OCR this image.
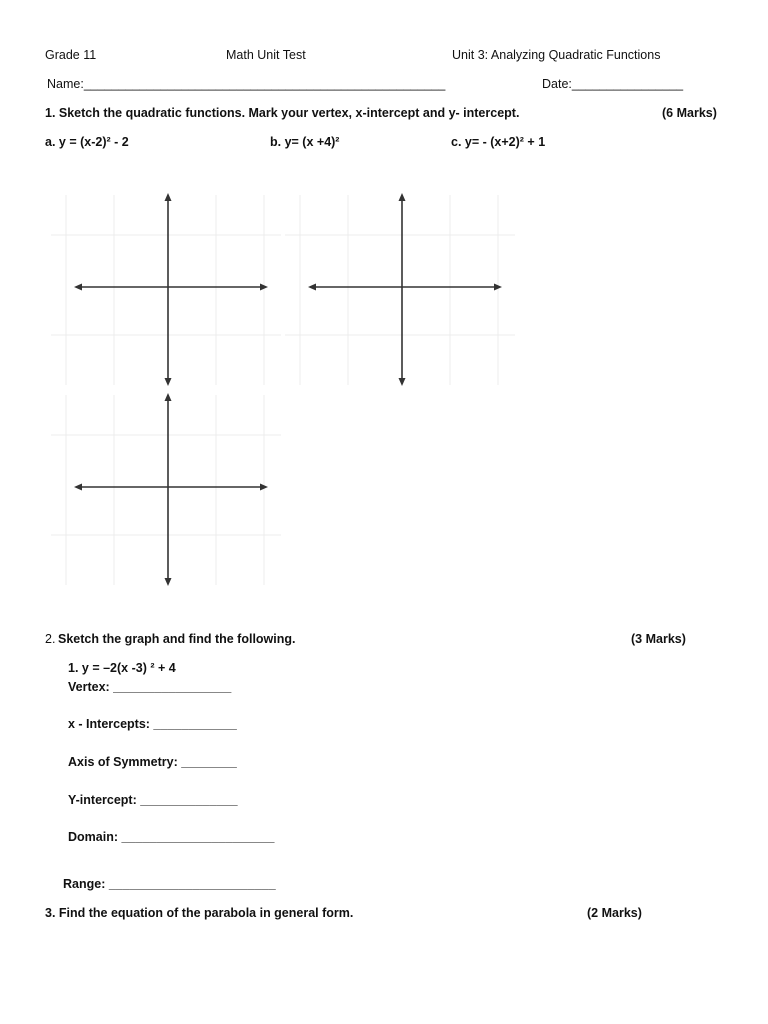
Grade 11	Math Unit Test	Unit 3: Analyzing Quadratic Functions
Name:____________________________________________________	Date:________________
1. Sketch the quadratic functions. Mark your vertex, x-intercept and y- intercept.	(6 Marks)
a. y = (x-2)² - 2	b. y= (x +4)²	c. y= - (x+2)² + 1
2. Sketch the graph and find the following.	(3 Marks)
1. y = –2(x -3) ² + 4
Vertex: _________________
x - Intercepts: ____________
Axis of Symmetry: ________
Y-intercept: ______________
Domain: ______________________
Range: ________________________
3. Find the equation of the parabola in general form.	(2 Marks)
